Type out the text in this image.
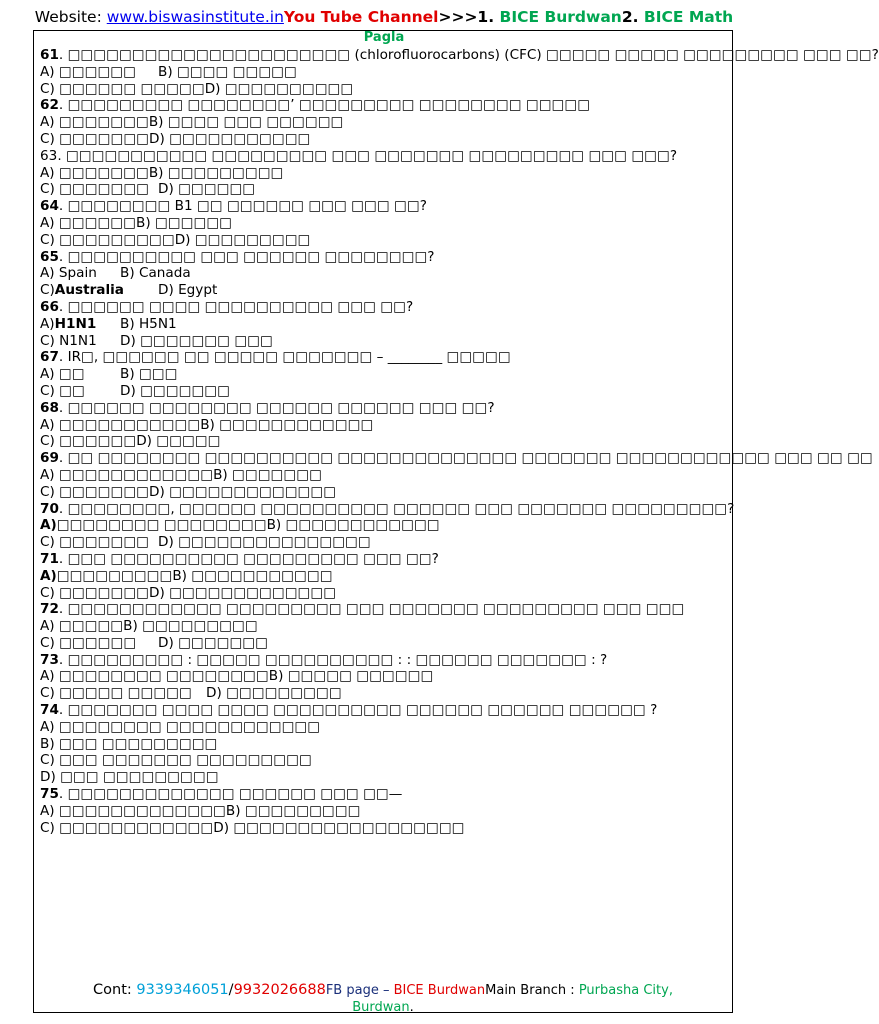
Website: www.biswasinstitute.inYou Tube Channel>>>1. BICE Burdwan2. BICE Math
Pagla
61. □□□□□□□□□□□□□□□□□□□□□□ (chlorofluorocarbons) (CFC) □□□□□ □□□□□ □□□□□□□□□ □□□ □□?
A) □□□□□□ B) □□□□ □□□□□
C) □□□□□□ □□□□□D) □□□□□□□□□□
62. □□□□□□□□□ □□□□□□□□’ □□□□□□□□□ □□□□□□□□ □□□□□
A) □□□□□□□B) □□□□ □□□ □□□□□□
C) □□□□□□□D) □□□□□□□□□□□
63. □□□□□□□□□□□ □□□□□□□□□ □□□ □□□□□□□ □□□□□□□□□ □□□ □□□?
A) □□□□□□□B) □□□□□□□□□
C) □□□□□□□ D) □□□□□□
64. □□□□□□□□ B1 □□ □□□□□□ □□□ □□□ □□?
A) □□□□□□B) □□□□□□
C) □□□□□□□□□D) □□□□□□□□□
65. □□□□□□□□□□ □□□ □□□□□□ □□□□□□□□?
A) Spain B) Canada
C)Australia	D) Egypt
66. □□□□□□ □□□□ □□□□□□□□□□ □□□ □□?
A)H1N1 B) H5N1
C) N1N1 D) □□□□□□□ □□□
67. IR□, □□□□□□ □□ □□□□□ □□□□□□□ – ________ □□□□□
A) □□	B) □□□
C) □□	D) □□□□□□□
68. □□□□□□ □□□□□□□□ □□□□□□ □□□□□□ □□□ □□?
A) □□□□□□□□□□□B) □□□□□□□□□□□□
C) □□□□□□D) □□□□□
69. □□ □□□□□□□□ □□□□□□□□□□ □□□□□□□□□□□□□□ □□□□□□□ □□□□□□□□□□□□ □□□ □□ □□
A) □□□□□□□□□□□□B) □□□□□□□
C) □□□□□□□D) □□□□□□□□□□□□□
70. □□□□□□□□, □□□□□□ □□□□□□□□□□ □□□□□□ □□□ □□□□□□□ □□□□□□□□□?
A)□□□□□□□□ □□□□□□□□B) □□□□□□□□□□□□
C) □□□□□□□ D) □□□□□□□□□□□□□□□
71. □□□ □□□□□□□□□□ □□□□□□□□□ □□□ □□?
A)□□□□□□□□□B) □□□□□□□□□□□
C) □□□□□□□D) □□□□□□□□□□□□□
72. □□□□□□□□□□□□ □□□□□□□□□ □□□ □□□□□□□ □□□□□□□□□ □□□ □□□
A) □□□□□B) □□□□□□□□□
C) □□□□□□ D) □□□□□□□
73. □□□□□□□□□ : □□□□□ □□□□□□□□□□ : : □□□□□□ □□□□□□□ : ?
A) □□□□□□□□ □□□□□□□□B) □□□□□ □□□□□□
C) □□□□□ □□□□□ D) □□□□□□□□□
74. □□□□□□□ □□□□ □□□□ □□□□□□□□□□ □□□□□□ □□□□□□ □□□□□□ ?
A) □□□□□□□□ □□□□□□□□□□□□
B) □□□ □□□□□□□□□
C) □□□ □□□□□□□ □□□□□□□□□
D) □□□ □□□□□□□□□
75. □□□□□□□□□□□□□ □□□□□□ □□□ □□—
A) □□□□□□□□□□□□□B) □□□□□□□□□
C) □□□□□□□□□□□□D) □□□□□□□□□□□□□□□□□□
Cont: 9339346051/9932026688FB page – BICE BurdwanMain Branch : Purbasha City,
Burdwan.
